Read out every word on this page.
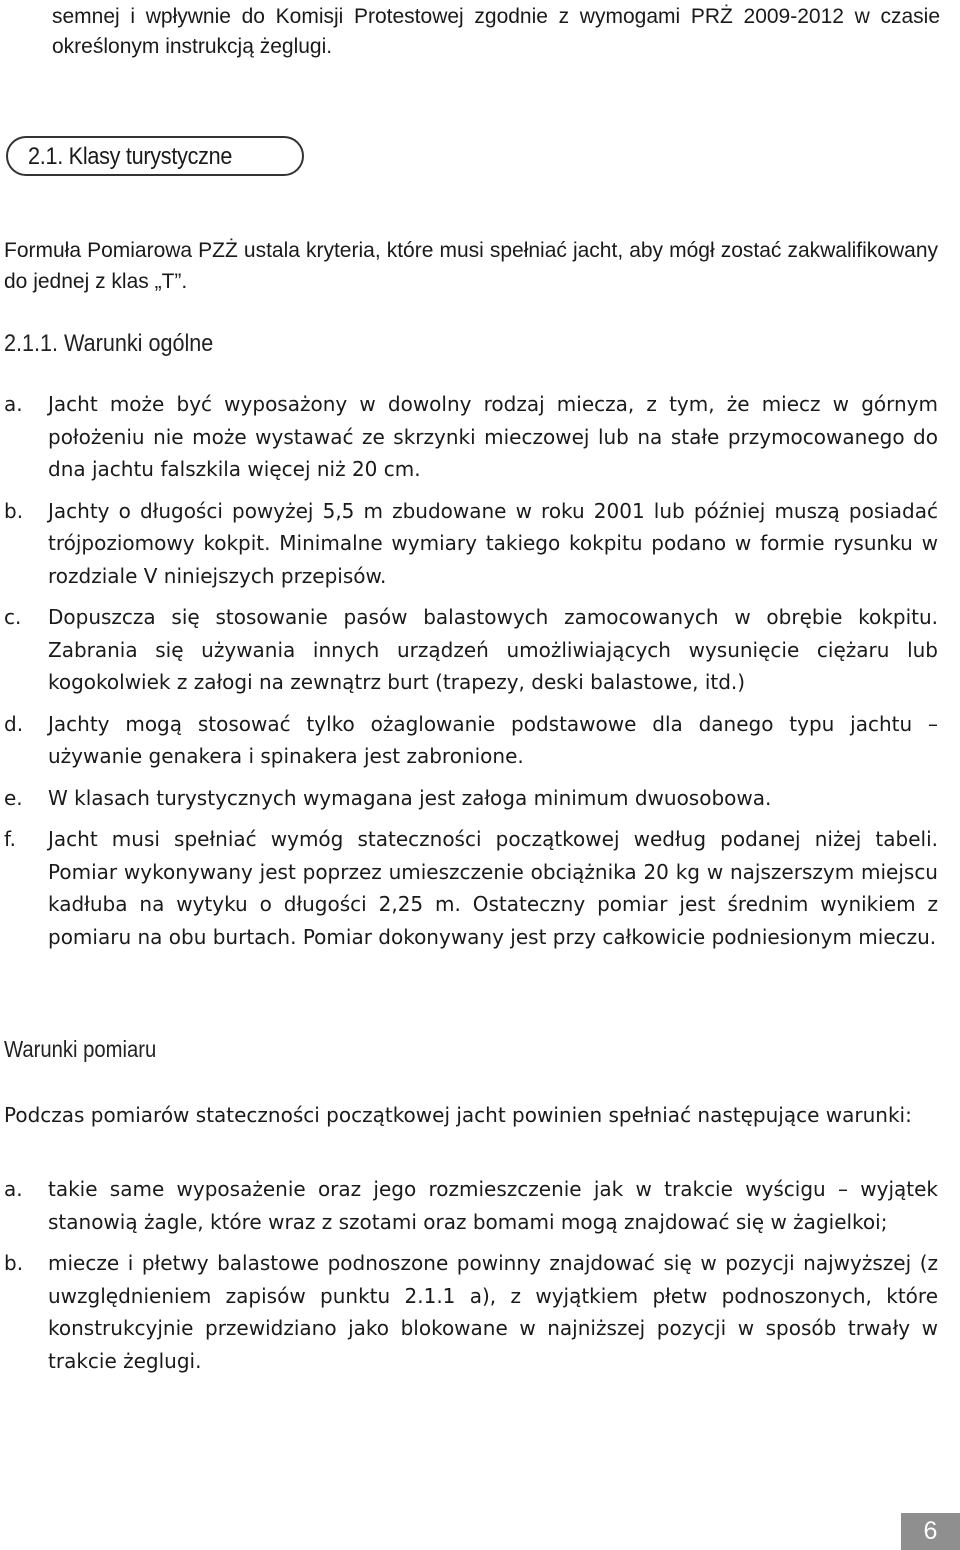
semnej i wpływnie do Komisji Protestowej zgodnie z wymogami PRŻ 2009-2012 w czasie określonym instrukcją żeglugi.
2.1. Klasy turystyczne
Formuła Pomiarowa PZŻ ustala kryteria, które musi spełniać jacht, aby mógł zostać zakwalifikowany do jednej z klas „T”.
2.1.1. Warunki ogólne
a. Jacht może być wyposażony w dowolny rodzaj miecza, z tym, że miecz w górnym położeniu nie może wystawać ze skrzynki mieczowej lub na stałe przymocowanego do dna jachtu falszkila więcej niż 20 cm.
b. Jachty o długości powyżej 5,5 m zbudowane w roku 2001 lub później muszą posiadać trójpoziomowy kokpit. Minimalne wymiary takiego kokpitu podano w formie rysunku w rozdziale V niniejszych przepisów.
c. Dopuszcza się stosowanie pasów balastowych zamocowanych w obrębie kokpitu. Zabrania się używania innych urządzeń umożliwiających wysunięcie ciężaru lub kogokolwiek z załogi na zewnątrz burt (trapezy, deski balastowe, itd.)
d. Jachty mogą stosować tylko ożaglowanie podstawowe dla danego typu jachtu – używanie genakera i spinakera jest zabronione.
e. W klasach turystycznych wymagana jest załoga minimum dwuosobowa.
f. Jacht musi spełniać wymóg stateczności początkowej według podanej niżej tabeli. Pomiar wykonywany jest poprzez umieszczenie obciążnika 20 kg w najszerszym miejscu kadłuba na wytyku o długości 2,25 m. Ostateczny pomiar jest średnim wynikiem z pomiaru na obu burtach. Pomiar dokonywany jest przy całkowicie podniesionym mieczu.
Warunki pomiaru
Podczas pomiarów stateczności początkowej jacht powinien spełniać następujące warunki:
a. takie same wyposażenie oraz jego rozmieszczenie jak w trakcie wyścigu – wyjątek stanowią żagle, które wraz z szotami oraz bomami mogą znajdować się w żagielkoi;
b. miecze i płetwy balastowe podnoszone powinny znajdować się w pozycji najwyższej (z uwzględnieniem zapisów punktu 2.1.1 a), z wyjątkiem płetw podnoszonych, które konstrukcyjnie przewidziano jako blokowane w najniższej pozycji w sposób trwały w trakcie żeglugi.
6
